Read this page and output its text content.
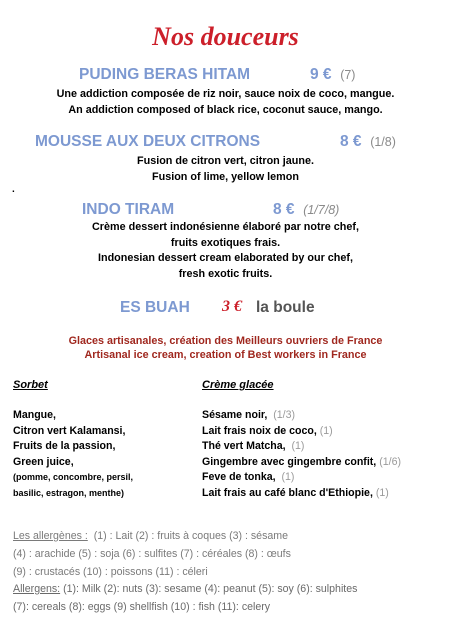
Nos douceurs
PUDING BERAS HITAM	9 € (7)
Une addiction composée de riz noir, sauce noix de coco, mangue.
An addiction composed of black rice, coconut sauce, mango.
MOUSSE AUX DEUX CITRONS	8 € (1/8)
Fusion de citron vert, citron jaune.
Fusion of lime, yellow lemon
.
INDO TIRAM	8 € (1/7/8)
Crème dessert indonésienne élaboré par notre chef,
fruits exotiques frais.
Indonesian dessert cream elaborated by our chef,
fresh exotic fruits.
ES BUAH 3 € la boule
Glaces artisanales, création des Meilleurs ouvriers de France
Artisanal ice cream, creation of Best workers in France
Sorbet
Mangue,
Citron vert Kalamansi,
Fruits de la passion,
Green juice,
(pomme, concombre, persil,
basilic, estragon, menthe)
Crème glacée
Sésame noir, (1/3)
Lait frais noix de coco, (1)
Thé vert Matcha, (1)
Gingembre avec gingembre confit, (1/6)
Feve de tonka, (1)
Lait frais au café blanc d'Ethiopie, (1)
Les allergènes : (1) : Lait (2) : fruits à coques (3) : sésame
(4) : arachide (5) : soja (6) : sulfites (7) : céréales (8) : œufs
(9) : crustacés (10) : poissons (11) : céleri
Allergens: (1): Milk (2): nuts (3): sesame (4): peanut (5): soy (6): sulphites
(7): cereals (8): eggs (9) shellfish (10) : fish (11): celery
